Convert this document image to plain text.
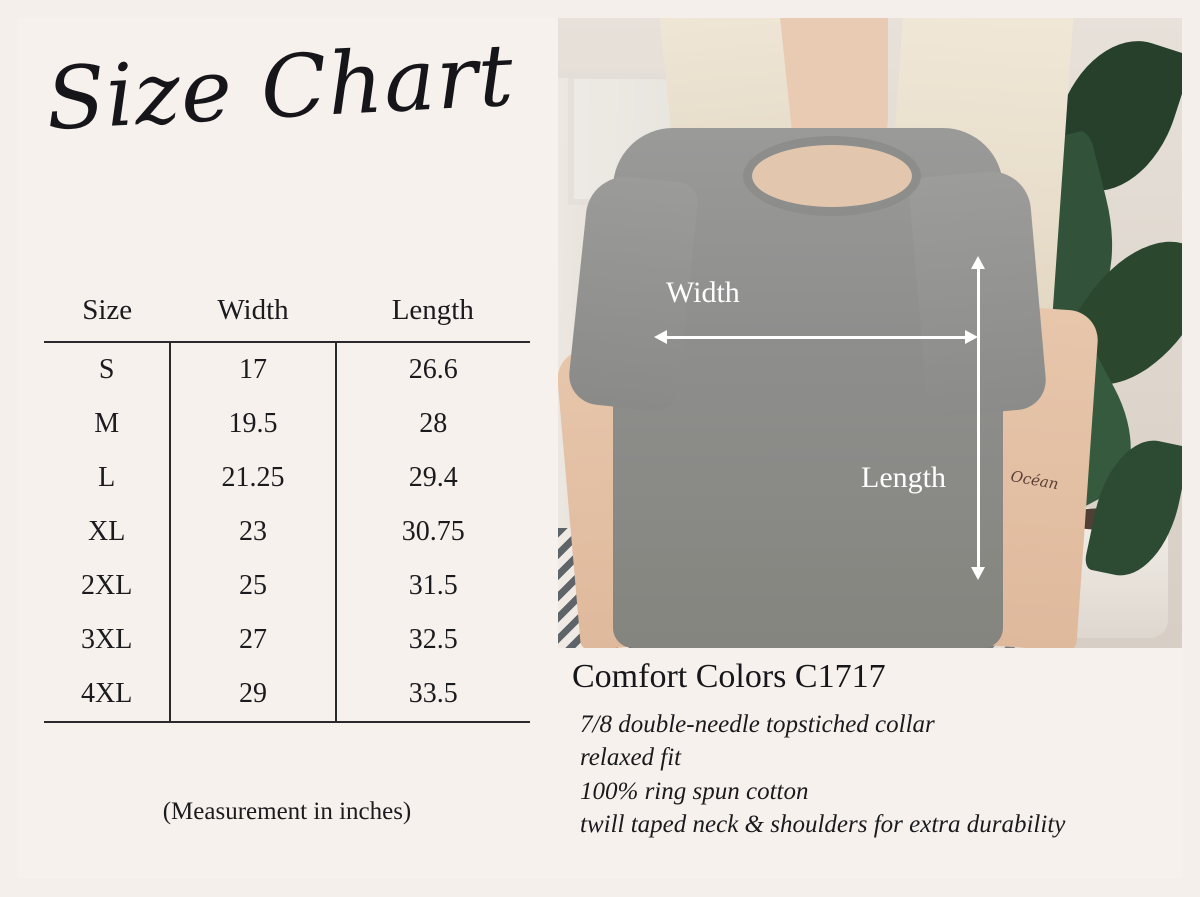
Size Chart
Size	Width	Length
S	17	26.6
M	19.5	28
L	21.25	29.4
XL	23	30.75
2XL	25	31.5
3XL	27	32.5
4XL	29	33.5
(Measurement in inches)
Océan
Width
Length
Comfort Colors C1717
7/8 double-needle topstiched collar
relaxed fit
100% ring spun cotton
twill taped neck & shoulders for extra durability
